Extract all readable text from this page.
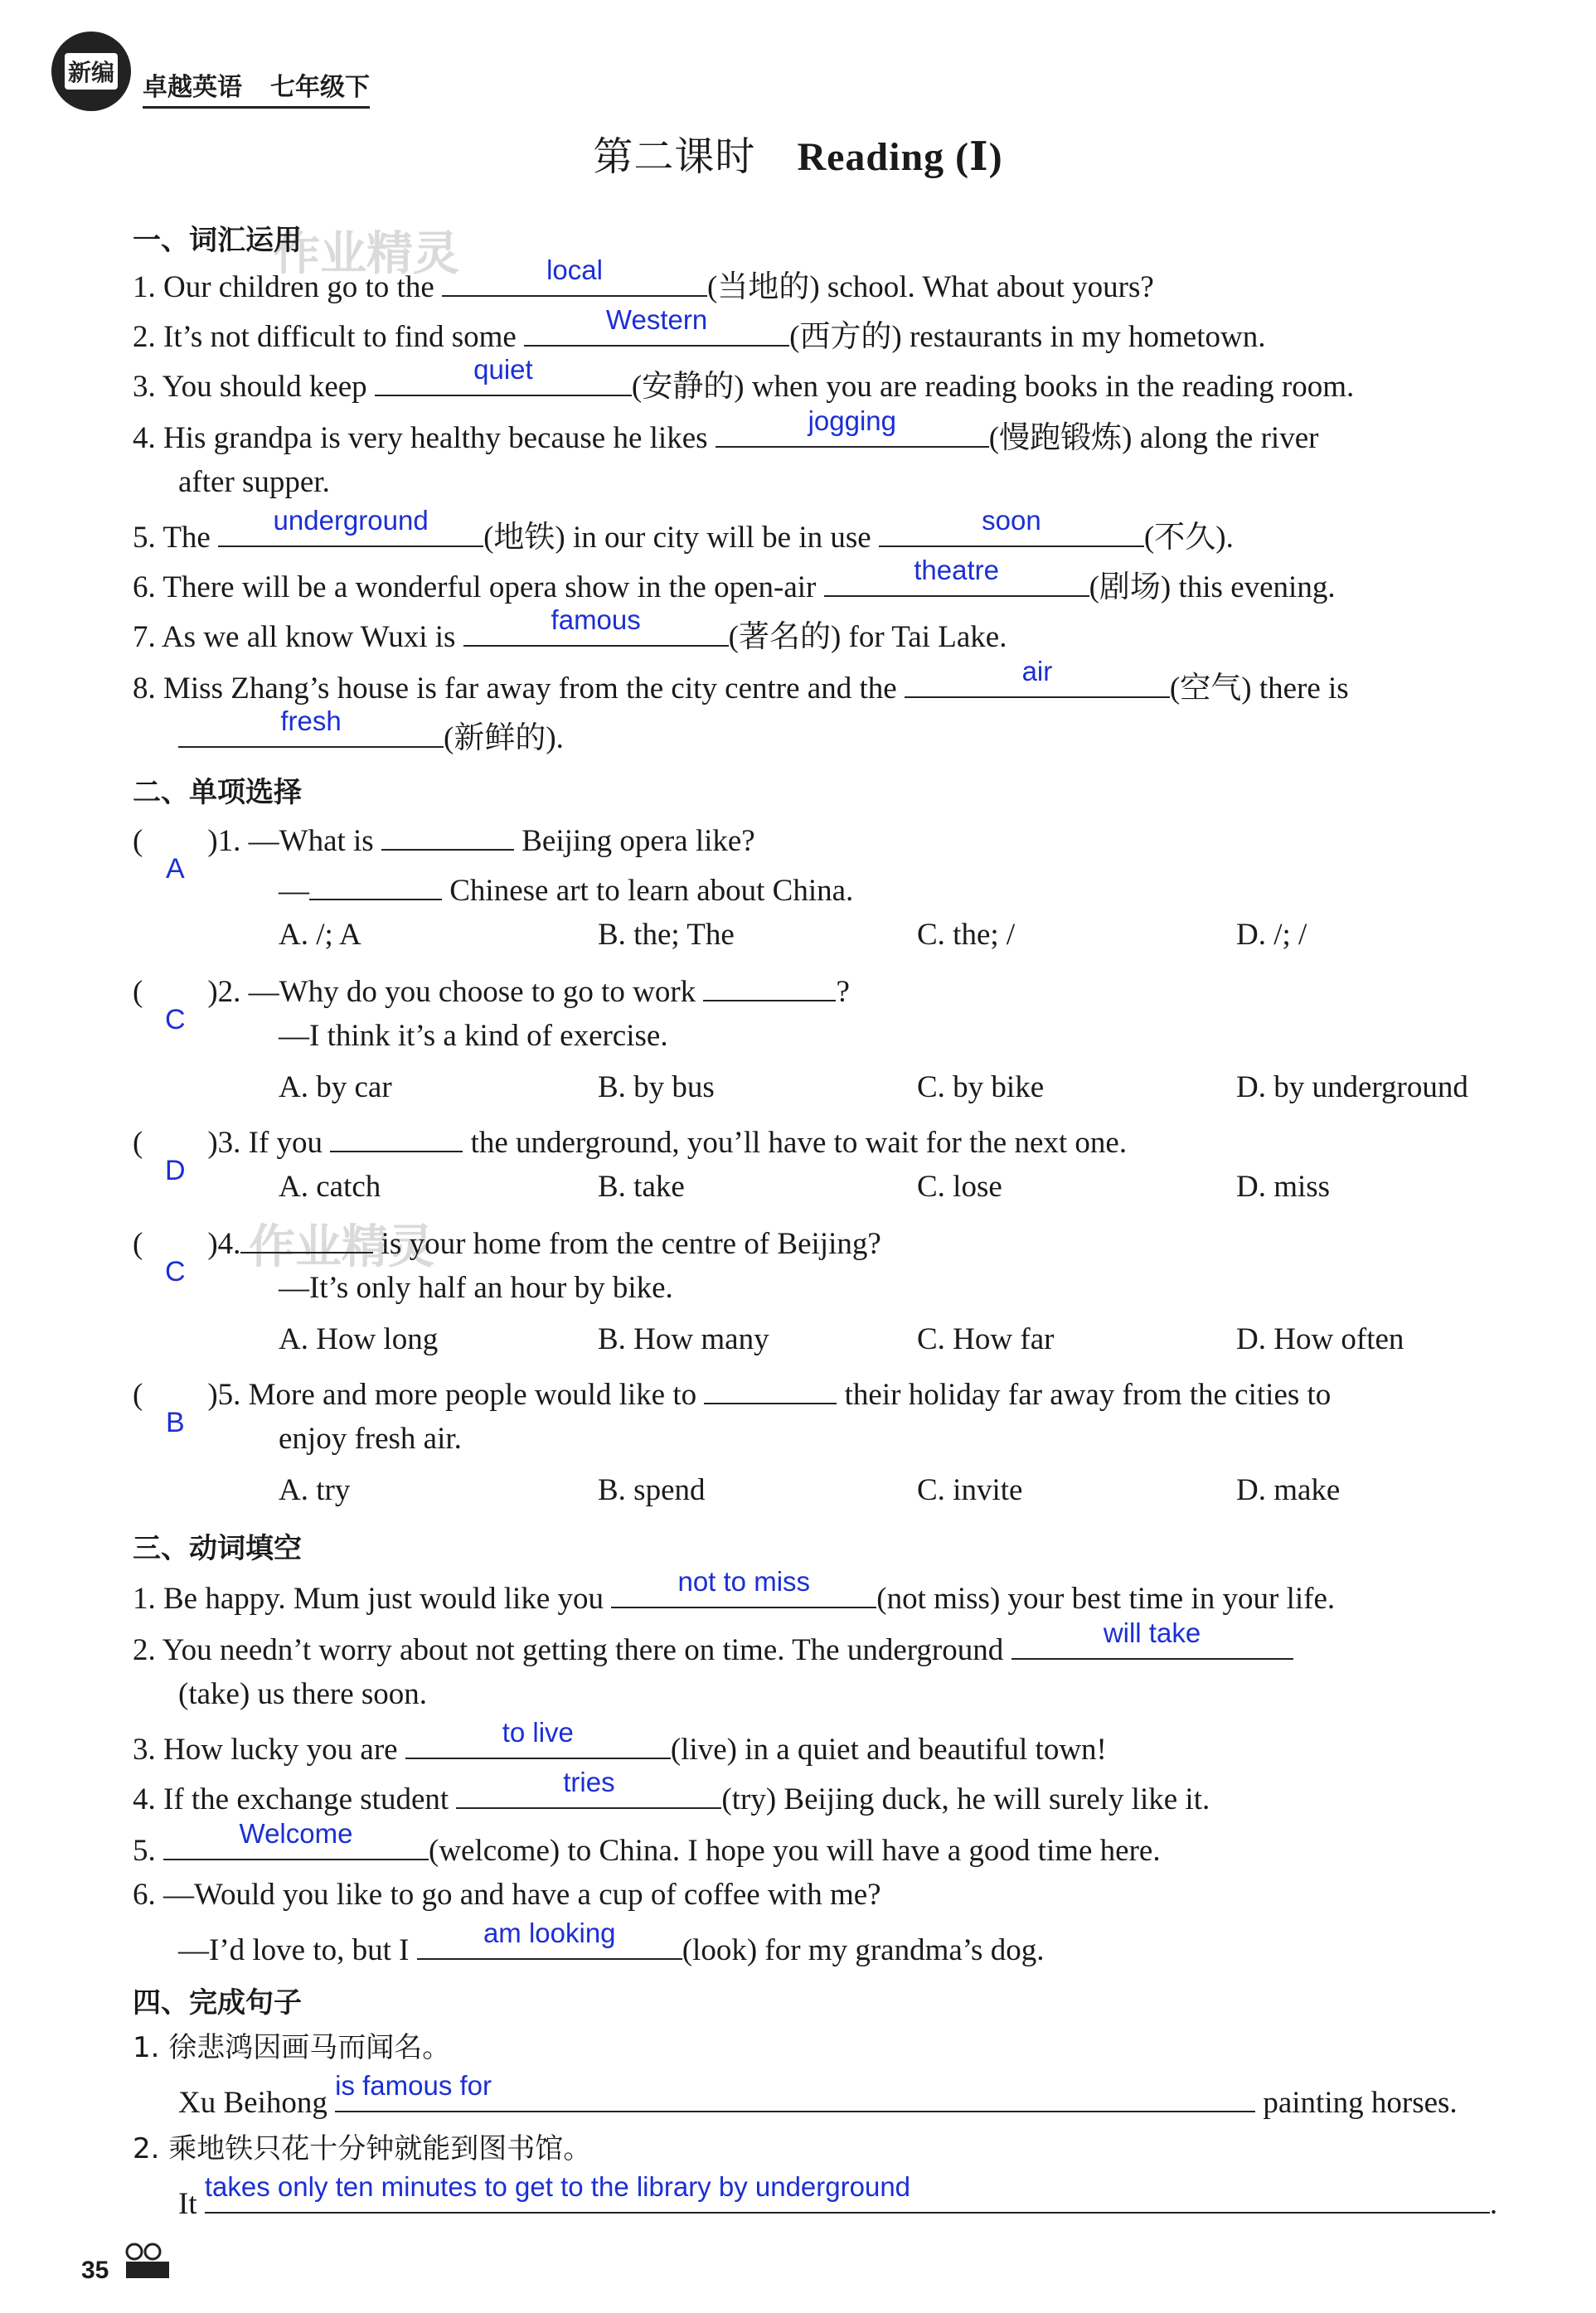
新编
卓越英语 七年级下
第二课时 Reading (Ⅰ)
作业精灵
作业精灵
一、词汇运用
1. Our children go to the
local
(当地的) school. What about yours?
2. It’s not difficult to find some
Western
(西方的) restaurants in my hometown.
3. You should keep
quiet
(安静的) when you are reading books in the reading room.
4. His grandpa is very healthy because he likes
jogging
(慢跑锻炼) along the river
after supper.
5. The
underground
(地铁) in our city will be in use
soon
(不久).
6. There will be a wonderful opera show in the open-air
theatre
(剧场) this evening.
7. As we all know Wuxi is
famous
(著名的) for Tai Lake.
8. Miss Zhang’s house is far away from the city centre and the
air
(空气) there is
fresh
(新鲜的).
二、单项选择
(
A
)1. —What is	Beijing opera like?
—	Chinese art to learn about China.
A. /; A	B. the; The	C. the; /	D. /; /
(
C
)2. —Why do you choose to go to work	?
—I think it’s a kind of exercise.
A. by car	B. by bus	C. by bike	D. by underground
(
D
)3. If you	the underground, you’ll have to wait for the next one.
A. catch	B. take	C. lose	D. miss
(
C
)4.	is your home from the centre of Beijing?
—It’s only half an hour by bike.
A. How long	B. How many	C. How far	D. How often
(
B
)5. More and more people would like to	their holiday far away from the cities to
enjoy fresh air.
A. try	B. spend	C. invite	D. make
三、动词填空
1. Be happy. Mum just would like you
not to miss
(not miss) your best time in your life.
2. You needn’t worry about not getting there on time. The underground
will take
(take) us there soon.
3. How lucky you are
to live
(live) in a quiet and beautiful town!
4. If the exchange student
tries
(try) Beijing duck, he will surely like it.
5.
Welcome
(welcome) to China. I hope you will have a good time here.
6. —Would you like to go and have a cup of coffee with me?
—I’d love to, but I
am looking
(look) for my grandma’s dog.
四、完成句子
1. 徐悲鸿因画马而闻名。
Xu Beihong
is famous for
painting horses.
2. 乘地铁只花十分钟就能到图书馆。
It
takes only ten minutes to get to the library by underground
.
35
